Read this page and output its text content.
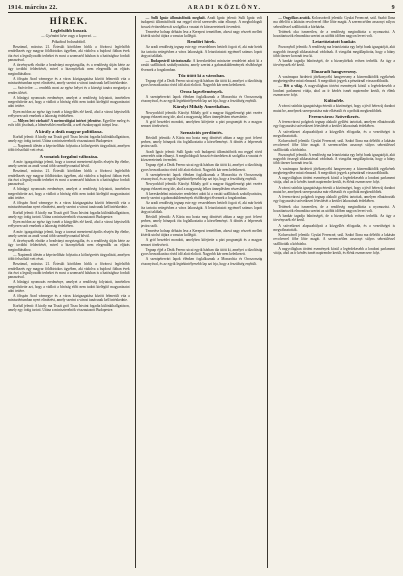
1914. március 22.	ARADI KÖZLÖNY.	9
HÍREK.
Legfelsőbb bosszú.
— Gyémánt kéve vagy a koporsó. —
Pókaktod bolondoktól.

Beszámol, március 21. Értesült körökben hírlik a fővárosi legfelsőbb rendelkezés egy magyar földbirtokos ügyében, aki vádolva a bujdosó fiában évek óta érzi a legsúlyosabb terheket és most a szomszéd faluban is a hatósághoz fordult panaszával.

A törvényszék elnöke a beadványt megvizsgálta, és a rendőrség útján kérte az ügy további felderítését, mivel a bizonyítékok nem elegendők az eljárás megindításához.

A főispán Arad vármegye és a város közigazgatása között felmerült vita a minisztériumban nyert elintézést, amely szerint a városi tanácsnak kell intézkednie.

— Szóvivőre: — rendelik most az egész helyet és a községi tanács megtartja a rendes ülését.

A bűnügyi nyomozás eredménye, amelyet a rendőrség folytatott, ismételten megerősítette azt, hogy a vádlott a bíróság előtt nem tudott kielégítő magyarázatot adni tettére.

Ilyen módon az egész ügy ismét a közgyűlés elé kerül, ahol a városi képviselők erélyesen szót emelnek a lakosság érdekében.

— Milyen lett várható? A meteorológiai intézet jelentése. Egyelőre meleg és esős időt jósolnak, a hőmérséklet emelkedik, a szél északnyugati irányú lesz.

A király a deák magyar politikusa.

Korbál jelenti: A király ma Tiszát gróf Tisza Istvánt fogadta különkihallgatáson, amely egy óráig tartott. Utána a miniszterelnök visszautazott Budapestre.

— Napirendi ülésén a képviselőház folytatta a költségvetés tárgyalását, amelyen több felszólaló vett részt.

A vonatok forgalmi változása.

A máv. igazgatósága jelenti, hogy a tavaszi menetrend április elsején lép életbe, amely szerint az aradi vonal több személyvonattal bővül.

Beszámol, március 21. Értesült körökben hírlik a fővárosi legfelsőbb rendelkezés egy magyar földbirtokos ügyében, aki vádolva a bujdosó fiában évek óta érzi a legsúlyosabb terheket és most a szomszéd faluban is a hatósághoz fordult panaszával.

A bűnügyi nyomozás eredménye, amelyet a rendőrség folytatott, ismételten megerősítette azt, hogy a vádlott a bíróság előtt nem tudott kielégítő magyarázatot adni tettére.

A főispán Arad vármegye és a város közigazgatása között felmerült vita a minisztériumban nyert elintézést, amely szerint a városi tanácsnak kell intézkednie.

Korbál jelenti: A király ma Tiszát gróf Tisza Istvánt fogadta különkihallgatáson, amely egy óráig tartott. Utána a miniszterelnök visszautazott Budapestre.

Ilyen módon az egész ügy ismét a közgyűlés elé kerül, ahol a városi képviselők erélyesen szót emelnek a lakosság érdekében.

A máv. igazgatósága jelenti, hogy a tavaszi menetrend április elsején lép életbe, amely szerint az aradi vonal több személyvonattal bővül.

A törvényszék elnöke a beadványt megvizsgálta, és a rendőrség útján kérte az ügy további felderítését, mivel a bizonyítékok nem elegendők az eljárás megindításához.

— Napirendi ülésén a képviselőház folytatta a költségvetés tárgyalását, amelyen több felszólaló vett részt.

Beszámol, március 21. Értesült körökben hírlik a fővárosi legfelsőbb rendelkezés egy magyar földbirtokos ügyében, aki vádolva a bujdosó fiában évek óta érzi a legsúlyosabb terheket és most a szomszéd faluban is a hatósághoz fordult panaszával.

A bűnügyi nyomozás eredménye, amelyet a rendőrség folytatott, ismételten megerősítette azt, hogy a vádlott a bíróság előtt nem tudott kielégítő magyarázatot adni tettére.

A főispán Arad vármegye és a város közigazgatása között felmerült vita a minisztériumban nyert elintézést, amely szerint a városi tanácsnak kell intézkednie.

Korbál jelenti: A király ma Tiszát gróf Tisza Istvánt fogadta különkihallgatáson, amely egy óráig tartott. Utána a miniszterelnök visszautazott Budapestre.

— Sulli Ignác állomásfőnök meghalt. Aradi Ignác jelenti: Sulli Ignác volt budapesti állomásfőnök ma reggel rövid szenvedés után elhunyt. A megboldogult hosszú évtizedeken át szolgálta a vasutat és közszeretetnek örvendett.

Temetése holnap délután lesz a Kerepesi temetőben, ahová nagy részvét mellett kísérik utolsó útjára a vasutas kollégái.

Rendőri hírek.

Az aradi rendőrség tegnap este egy veszedelmes betörőt fogott el, aki már hetek óta tartotta rettegésben a város lakosságát. A letartóztatott egyénnél számos lopott tárgyat találtak.

— Budapestről táviratozzák: A kereskedelmi miniszter rendeletet adott ki a vasúti szállítások szabályozására, amely szerint a gabonaküldemények elsőbbséget élveznek a forgalomban.

Tűz ütött ki a városban.

Tegnap éjjel a Deák Ferenc utcai egyik házban tűz ütött ki, amelyet a tűzoltóság gyors beavatkozása rövid idő alatt eloltott. Nagyobb kár nem keletkezett.

Orosz lapvélemények.

A szentpétervári lapok élénken foglalkoznak a Monarchia és Oroszország viszonyával, és az egyik legtekintélyesebb lap azt írja, hogy a feszültség enyhült.

Károlyi Mihály Amerikában.

Newyorkból jelentik: Károlyi Mihály gróf a magyar függetlenségi párt vezére tegnap érkezett meg ide, ahol a magyarság lelkes ünneplésben részesítette.

A gróf beszédet mondott, amelyben kifejtette a párt programját és a magyar nemzet törekvéseit.

Szenzációs perdöntés.

Bécsből jelentik: A Kúria ma hozta meg döntését abban a nagy port felvert perben, amely hónapok óta foglalkoztatta a közvéleményt. A döntés a felperesek javára szólt.

Aradi Ignác jelenti: Sulli Ignác volt budapesti állomásfőnök ma reggel rövid szenvedés után elhunyt. A megboldogult hosszú évtizedeken át szolgálta a vasutat és közszeretetnek örvendett.

Tegnap éjjel a Deák Ferenc utcai egyik házban tűz ütött ki, amelyet a tűzoltóság gyors beavatkozása rövid idő alatt eloltott. Nagyobb kár nem keletkezett.

A szentpétervári lapok élénken foglalkoznak a Monarchia és Oroszország viszonyával, és az egyik legtekintélyesebb lap azt írja, hogy a feszültség enyhült.

Newyorkból jelentik: Károlyi Mihály gróf a magyar függetlenségi párt vezére tegnap érkezett meg ide, ahol a magyarság lelkes ünneplésben részesítette.

A kereskedelmi miniszter rendeletet adott ki a vasúti szállítások szabályozására, amely szerint a gabonaküldemények elsőbbséget élveznek a forgalomban.

Az aradi rendőrség tegnap este egy veszedelmes betörőt fogott el, aki már hetek óta tartotta rettegésben a város lakosságát. A letartóztatott egyénnél számos lopott tárgyat találtak.

Bécsből jelentik: A Kúria ma hozta meg döntését abban a nagy port felvert perben, amely hónapok óta foglalkoztatta a közvéleményt. A döntés a felperesek javára szólt.

Temetése holnap délután lesz a Kerepesi temetőben, ahová nagy részvét mellett kísérik utolsó útjára a vasutas kollégái.

A gróf beszédet mondott, amelyben kifejtette a párt programját és a magyar nemzet törekvéseit.

Tegnap éjjel a Deák Ferenc utcai egyik házban tűz ütött ki, amelyet a tűzoltóság gyors beavatkozása rövid idő alatt eloltott. Nagyobb kár nem keletkezett.

A szentpétervári lapok élénken foglalkoznak a Monarchia és Oroszország viszonyával, és az egyik legtekintélyesebb lap azt írja, hogy a feszültség enyhült.

— Öngyilkos aratók. Kolozsvárról jelentik: Gyulai Ferencné, szül. Szabó Ilona ma délelőtt a lakásán revolverrel főbe lőtte magát. A szerencsétlen asszonyt súlyos sebesüléssel szállították a kórházba.

Tettének oka ismeretlen, de a rendőrség megindította a nyomozást. A hozzátartozók elmondása szerint az utóbbi időben nagyon levert volt.

Letartóztatott bankár.

Pozsonyból jelentik: A rendőrség ma letartóztatta egy helyi bank igazgatóját, akit nagyobb összegű sikkasztással vádolnak. A vizsgálat megállapította, hogy a hiány több tízezer koronát tesz ki.

A bankár tagadja bűnösségét, de a bizonyítékok erősen terhelik. Az ügy a törvényszék elé kerül.

Elmaradt hangverseny.

A vasárnapra hirdetett jótékonycélú hangverseny a közreműködők egyikének megbetegedése miatt elmarad. A megváltott jegyek a pénztárnál visszaválthatók.

— Hét a világ. A nagyvilágban történt események közül a legérdekesebb a londoni parlament vitája, ahol az ír kérdés ismét napirendre került, és élénk eszmecsere folyt.

Különféle.

A városi színház igazgatósága értesíti a közönséget, hogy a jövő héten új darabot mutat be, amelynek szereposztása már elkészült és a próbák megkezdődtek.

Ferencváros: Szövetkezés.

A ferencvárosi polgárok tegnap alakuló gyűlést tartottak, amelyen elhatározták egy fogyasztási szövetkezet létesítését a kerület lakosainak érdekében.

A szövetkezet alapszabályait a közgyűlés elfogadta, és a vezetőséget is megválasztották.

Kolozsvárról jelentik: Gyulai Ferencné, szül. Szabó Ilona ma délelőtt a lakásán revolverrel főbe lőtte magát. A szerencsétlen asszonyt súlyos sebesüléssel szállították a kórházba.

Pozsonyból jelentik: A rendőrség ma letartóztatta egy helyi bank igazgatóját, akit nagyobb összegű sikkasztással vádolnak. A vizsgálat megállapította, hogy a hiány több tízezer koronát tesz ki.

A vasárnapra hirdetett jótékonycélú hangverseny a közreműködők egyikének megbetegedése miatt elmarad. A megváltott jegyek a pénztárnál visszaválthatók.

A nagyvilágban történt események közül a legérdekesebb a londoni parlament vitája, ahol az ír kérdés ismét napirendre került, és élénk eszmecsere folyt.

A városi színház igazgatósága értesíti a közönséget, hogy a jövő héten új darabot mutat be, amelynek szereposztása már elkészült és a próbák megkezdődtek.

A ferencvárosi polgárok tegnap alakuló gyűlést tartottak, amelyen elhatározták egy fogyasztási szövetkezet létesítését a kerület lakosainak érdekében.

Tettének oka ismeretlen, de a rendőrség megindította a nyomozást. A hozzátartozók elmondása szerint az utóbbi időben nagyon levert volt.

A bankár tagadja bűnösségét, de a bizonyítékok erősen terhelik. Az ügy a törvényszék elé kerül.

A szövetkezet alapszabályait a közgyűlés elfogadta, és a vezetőséget is megválasztották.

Kolozsvárról jelentik: Gyulai Ferencné, szül. Szabó Ilona ma délelőtt a lakásán revolverrel főbe lőtte magát. A szerencsétlen asszonyt súlyos sebesüléssel szállították a kórházba.

A nagyvilágban történt események közül a legérdekesebb a londoni parlament vitája, ahol az ír kérdés ismét napirendre került, és élénk eszmecsere folyt.
